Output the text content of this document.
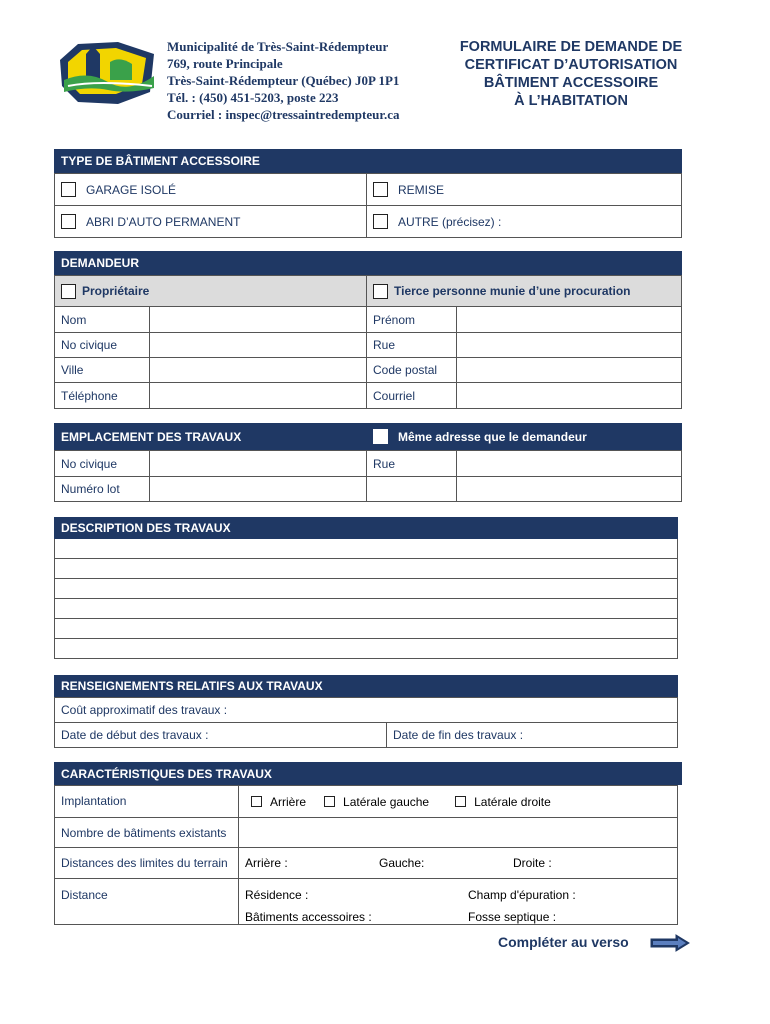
Municipalité de Très-Saint-Rédempteur
769, route Principale
Très-Saint-Rédempteur (Québec) J0P 1P1
Tél. : (450) 451-5203, poste 223
Courriel : inspec@tressaintredempteur.ca
FORMULAIRE DE DEMANDE DE
CERTIFICAT D’AUTORISATION
BÂTIMENT ACCESSOIRE
À L’HABITATION
TYPE DE BÂTIMENT ACCESSOIRE
GARAGE ISOLÉ	REMISE
ABRI D’AUTO PERMANENT	AUTRE (précisez) :
DEMANDEUR
Propriétaire	Tierce personne munie d’une procuration
Nom	Prénom
No civique	Rue
Ville	Code postal
Téléphone	Courriel
EMPLACEMENT DES TRAVAUX	Même adresse que le demandeur
No civique	Rue
Numéro lot
DESCRIPTION DES TRAVAUX
RENSEIGNEMENTS RELATIFS AUX TRAVAUX
Coût approximatif des travaux :
Date de début des travaux :	Date de fin des travaux :
CARACTÉRISTIQUES DES TRAVAUX
Implantation	Arrière	Latérale gauche	Latérale droite
Nombre de bâtiments existants
Distances des limites du terrain Arrière :	Gauche:	Droite :
Distance	Résidence :	Champ d'épuration :
Bâtiments accessoires :	Fosse septique :
Compléter au verso
